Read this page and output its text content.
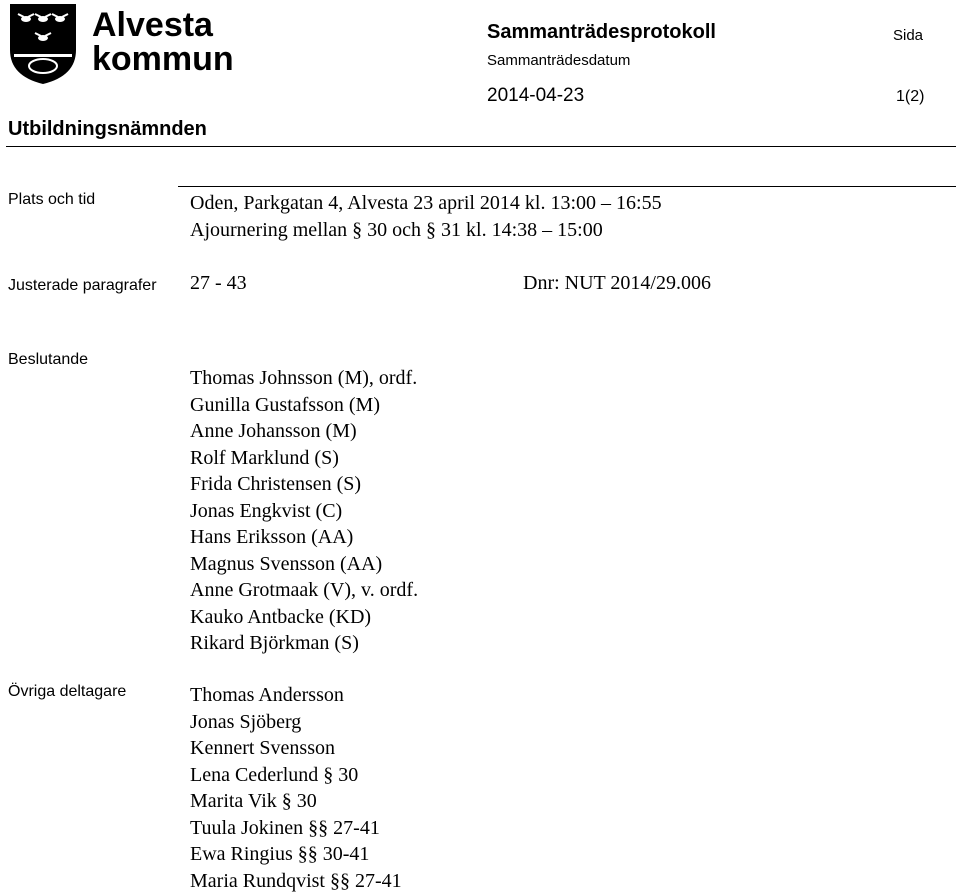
Alvesta
kommun
Utbildningsnämnden
Sammanträdesprotokoll	Sida
Sammanträdesdatum
2014-04-23	1(2)
Plats och tid	Oden, Parkgatan 4, Alvesta 23 april 2014 kl. 13:00 – 16:55
Ajournering mellan § 30 och § 31 kl. 14:38 – 15:00
Justerade paragrafer 27 - 43	Dnr: NUT 2014/29.006
Beslutande
Thomas Johnsson (M), ordf.
Gunilla Gustafsson (M)
Anne Johansson (M)
Rolf Marklund (S)
Frida Christensen (S)
Jonas Engkvist (C)
Hans Eriksson (AA)
Magnus Svensson (AA)
Anne Grotmaak (V), v. ordf.
Kauko Antbacke (KD)
Rikard Björkman (S)
Övriga deltagare	Thomas Andersson
Jonas Sjöberg
Kennert Svensson
Lena Cederlund § 30
Marita Vik § 30
Tuula Jokinen §§ 27-41
Ewa Ringius §§ 30-41
Maria Rundqvist §§ 27-41
